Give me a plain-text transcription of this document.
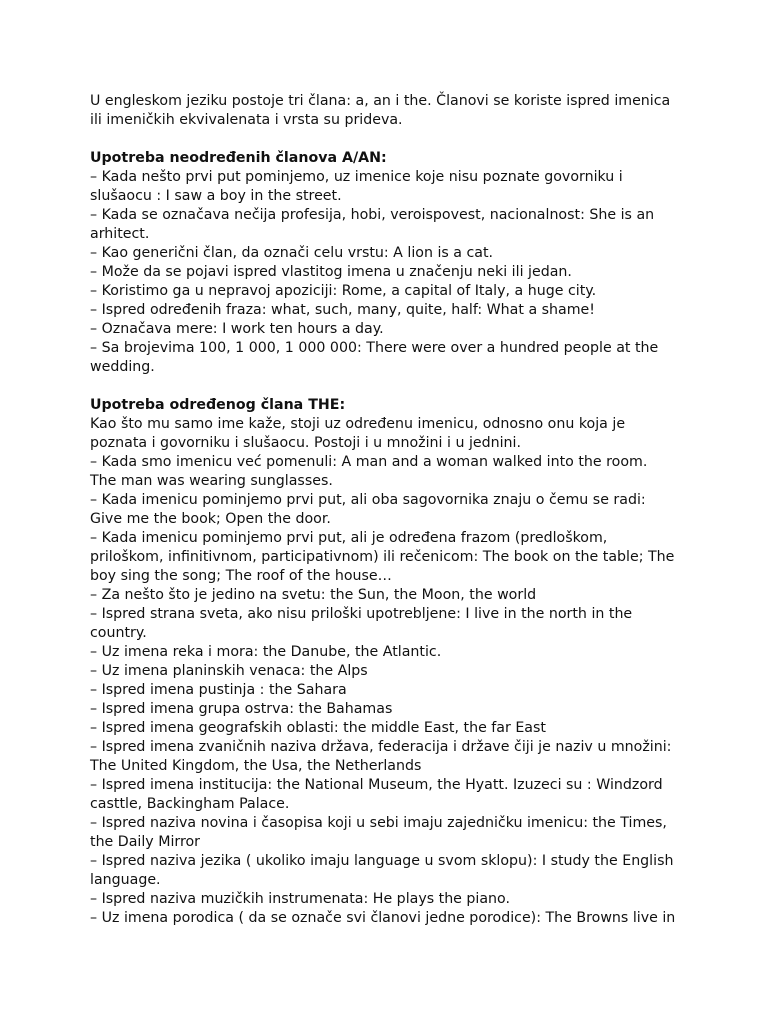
U engleskom jeziku postoje tri člana: a, an i the. Članovi se koriste ispred imenica ili imeničkih ekvivalenata i vrsta su prideva.

Upotreba neodređenih članova A/AN:

– Kada nešto prvi put pominjemo, uz imenice koje nisu poznate govorniku i slušaocu : I saw a boy in the street.

– Kada se označava nečija profesija, hobi, veroispovest, nacionalnost: She is an arhitect.

– Kao generični član, da označi celu vrstu: A lion is a cat.

– Može da se pojavi ispred vlastitog imena u značenju neki ili jedan.

– Koristimo ga u nepravoj apoziciji: Rome, a capital of Italy, a huge city.

– Ispred određenih fraza: what, such, many, quite, half: What a shame!

– Označava mere: I work ten hours a day.

– Sa brojevima 100, 1 000, 1 000 000: There were over a hundred people at the wedding.

Upotreba određenog člana THE:

Kao što mu samo ime kaže, stoji uz određenu imenicu, odnosno onu koja je poznata i govorniku i slušaocu. Postoji i u množini i u jednini.

– Kada smo imenicu već pomenuli: A man and a woman walked into the room. The man was wearing sunglasses.

– Kada imenicu pominjemo prvi put, ali oba sagovornika znaju o čemu se radi: Give me the book; Open the door.

– Kada imenicu pominjemo prvi put, ali je određena frazom (predloškom, priloškom, infinitivnom, participativnom) ili rečenicom: The book on the table; The boy sing the song; The roof of the house…

– Za nešto što je jedino na svetu: the Sun, the Moon, the world

– Ispred strana sveta, ako nisu priloški upotrebljene: I live in the north in the country.

– Uz imena reka i mora: the Danube, the Atlantic.

– Uz imena planinskih venaca: the Alps

– Ispred imena pustinja : the Sahara

– Ispred imena grupa ostrva: the Bahamas

– Ispred imena geografskih oblasti: the middle East, the far East

– Ispred imena zvaničnih naziva država, federacija i države čiji je naziv u množini: The United Kingdom, the Usa, the Netherlands

– Ispred imena institucija: the National Museum, the Hyatt. Izuzeci su : Windzord casttle, Backingham Palace.

– Ispred naziva novina i časopisa koji u sebi imaju zajedničku imenicu: the Times, the Daily Mirror

– Ispred naziva jezika ( ukoliko imaju language u svom sklopu): I study the English language.

– Ispred naziva muzičkih instrumenata: He plays the piano.

– Uz imena porodica ( da se označe svi članovi jedne porodice): The Browns live in
